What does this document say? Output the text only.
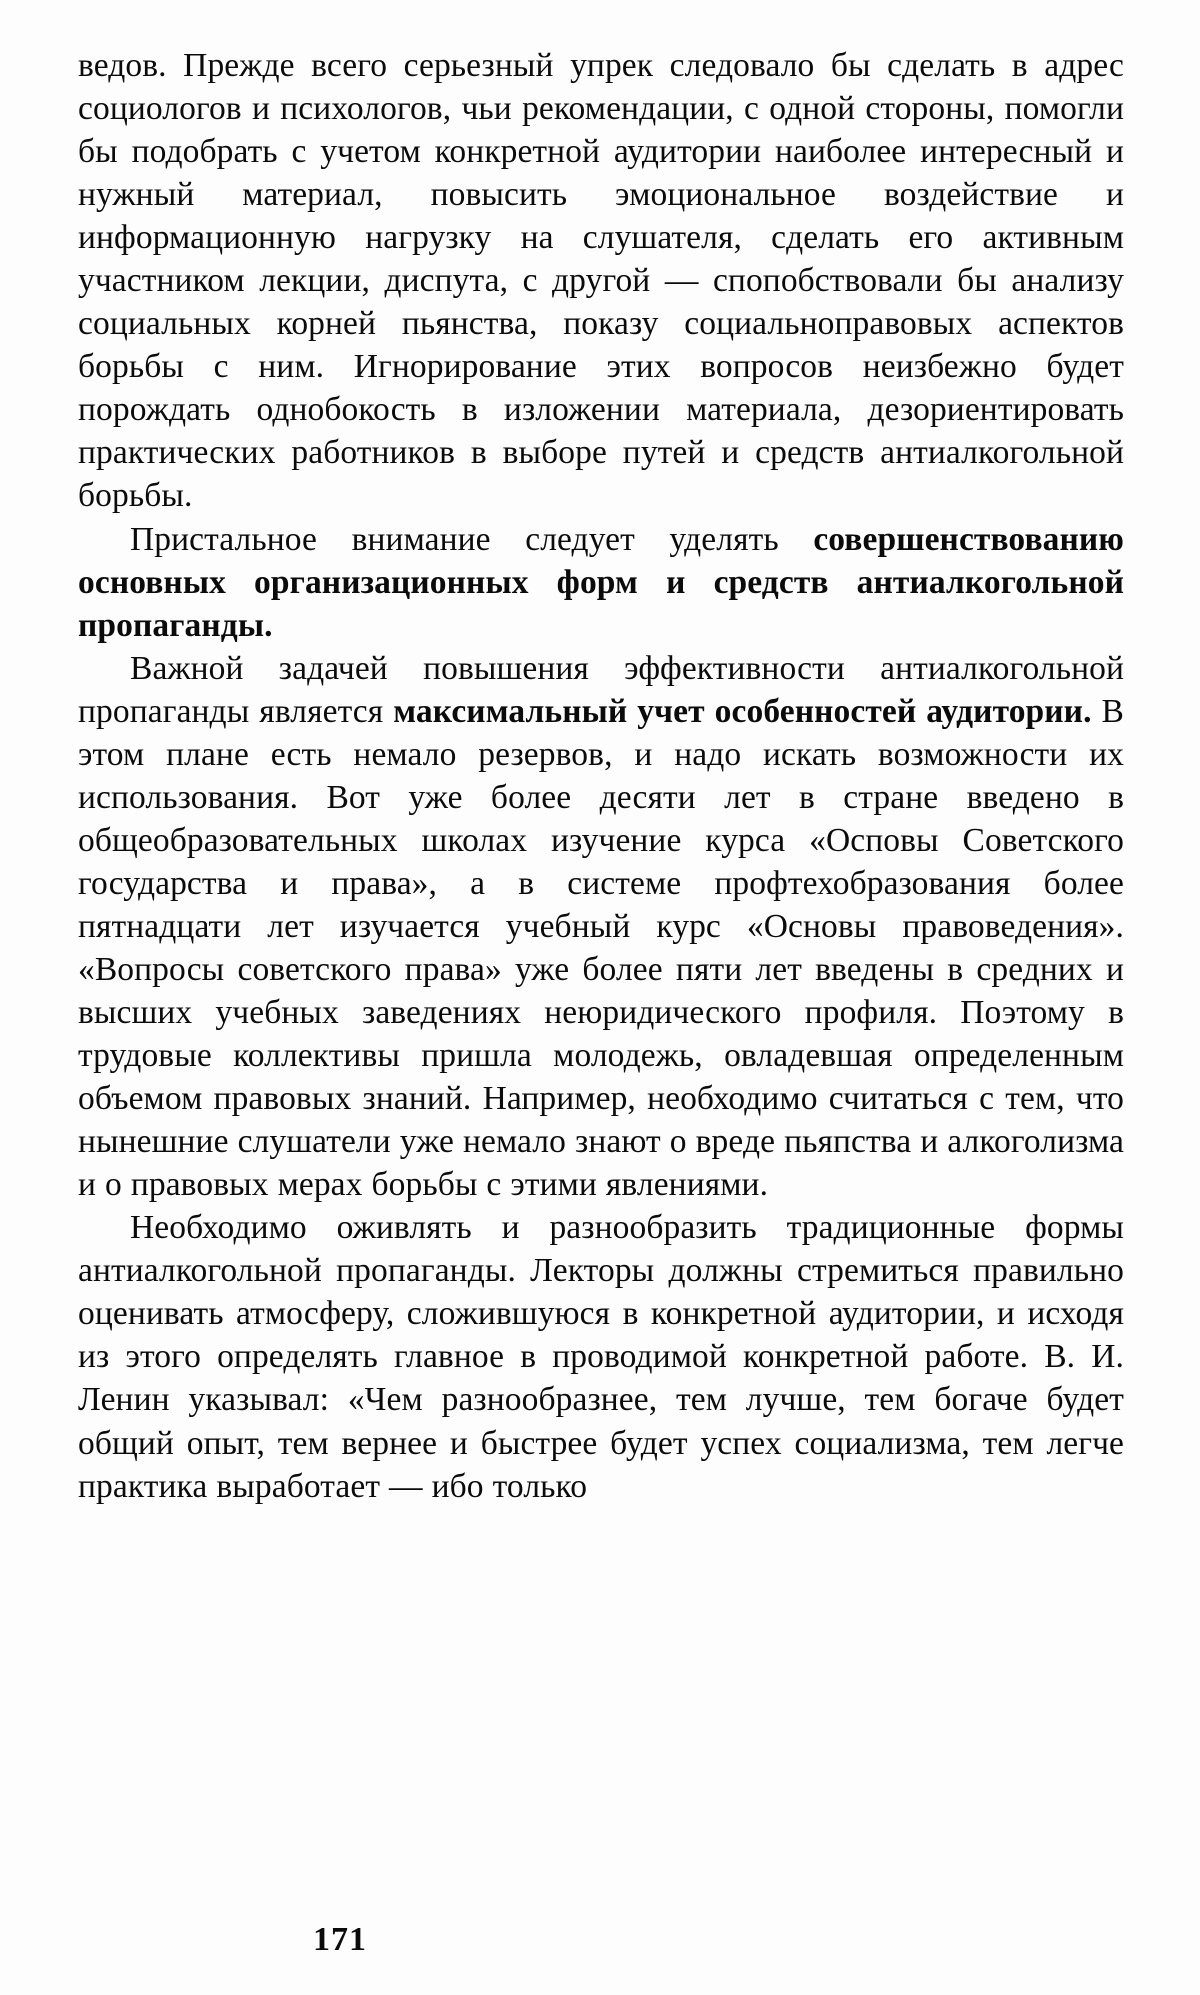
ведов. Прежде всего серьезный упрек следовало бы сделать в адрес социологов и психологов, чьи рекомендации, с одной стороны, помогли бы подобрать с учетом конкретной аудитории наиболее интересный и нужный материал, повысить эмоциональное воздействие и информационную нагрузку на слушателя, сделать его активным участником лекции, диспута, с другой — спопобствовали бы анализу социальных корней пьянства, показу социальноправовых аспектов борьбы с ним. Игнорирование этих вопросов неизбежно будет порождать однобокость в изложении материала, дезориентировать практических работников в выборе путей и средств антиалкогольной борьбы.

Пристальное внимание следует уделять совершенствованию основных организационных форм и средств антиалкогольной пропаганды.

Важной задачей повышения эффективности антиалкогольной пропаганды является максимальный учет особенностей аудитории. В этом плане есть немало резервов, и надо искать возможности их использования. Вот уже более десяти лет в стране введено в общеобразовательных школах изучение курса «Осповы Советского государства и права», а в системе профтехобразования более пятнадцати лет изучается учебный курс «Основы правоведения». «Вопросы советского права» уже более пяти лет введены в средних и высших учебных заведениях неюридического профиля. Поэтому в трудовые коллективы пришла молодежь, овладевшая определенным объемом правовых знаний. Например, необходимо считаться с тем, что нынешние слушатели уже немало знают о вреде пьяпства и алкоголизма и о правовых мерах борьбы с этими явлениями.

Необходимо оживлять и разнообразить традиционные формы антиалкогольной пропаганды. Лекторы должны стремиться правильно оценивать атмосферу, сложившуюся в конкретной аудитории, и исходя из этого определять главное в проводимой конкретной работе. В. И. Ленин указывал: «Чем разнообразнее, тем лучше, тем богаче будет общий опыт, тем вернее и быстрее будет успех социализма, тем легче практика выработает — ибо только

171
